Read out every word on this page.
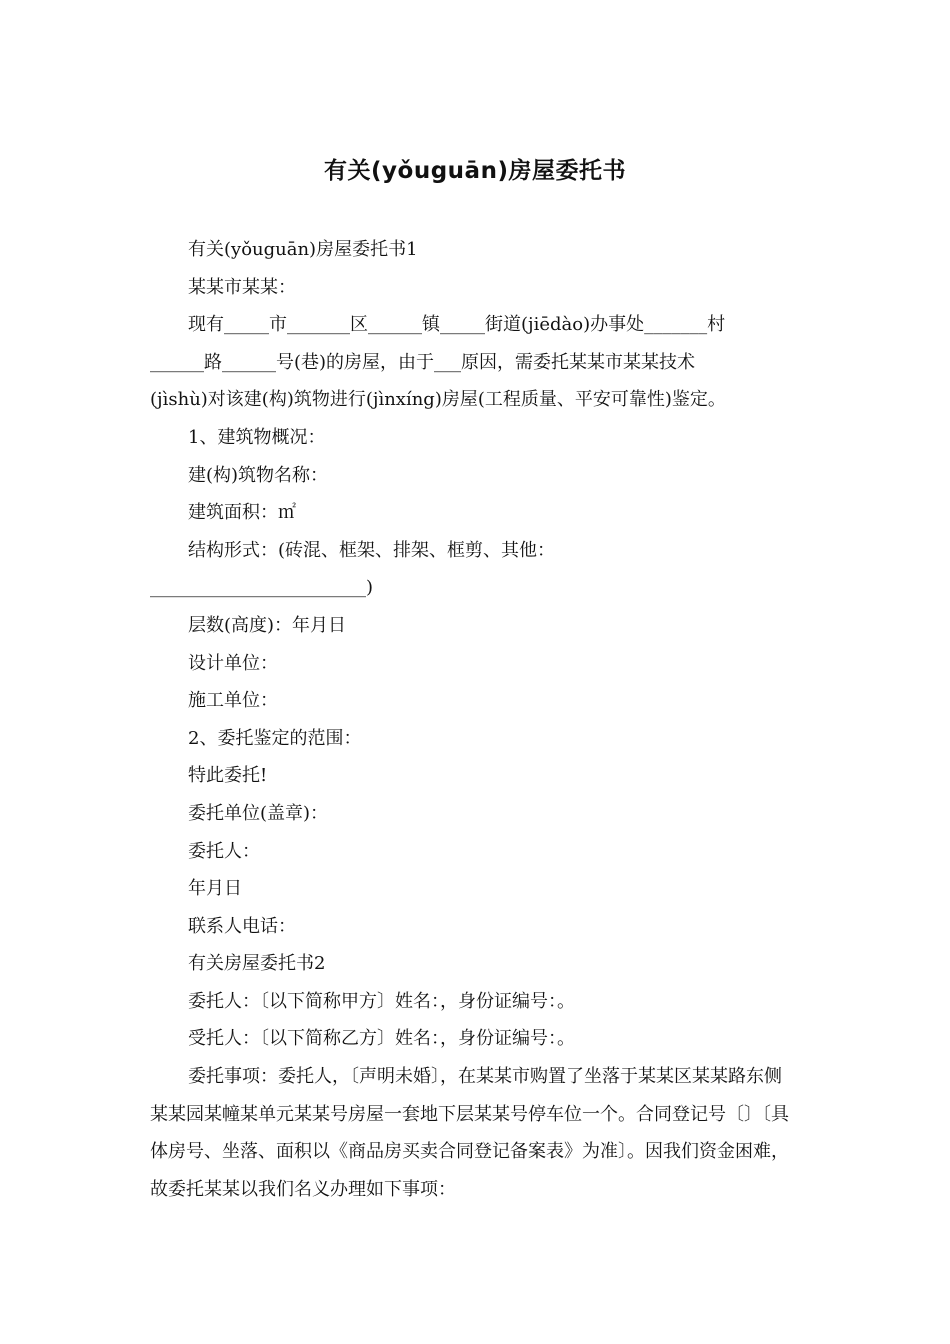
有关(yǒuguān)房屋委托书

有关(yǒuguān)房屋委托书1

某某市某某：

现有_____市_______区______镇_____街道(jiēdào)办事处_______村

______路______号(巷)的房屋，由于___原因，需委托某某市某某技术

(jìshù)对该建(构)筑物进行(jìnxíng)房屋(工程质量、平安可靠性)鉴定。

1、建筑物概况：

建(构)筑物名称：

建筑面积：㎡

结构形式：(砖混、框架、排架、框剪、其他：

________________________)

层数(高度)：年月日

设计单位：

施工单位：

2、委托鉴定的范围：

特此委托!

委托单位(盖章)：

委托人：

年月日

联系人电话：

有关房屋委托书2

委托人：〔以下简称甲方〕姓名：，身份证编号：。

受托人：〔以下简称乙方〕姓名：，身份证编号：。

委托事项：委托人，〔声明未婚〕，在某某市购置了坐落于某某区某某路东侧某某园某幢某单元某某号房屋一套地下层某某号停车位一个。合同登记号〔〕〔具体房号、坐落、面积以《商品房买卖合同登记备案表》为准〕。因我们资金困难，故委托某某以我们名义办理如下事项：
